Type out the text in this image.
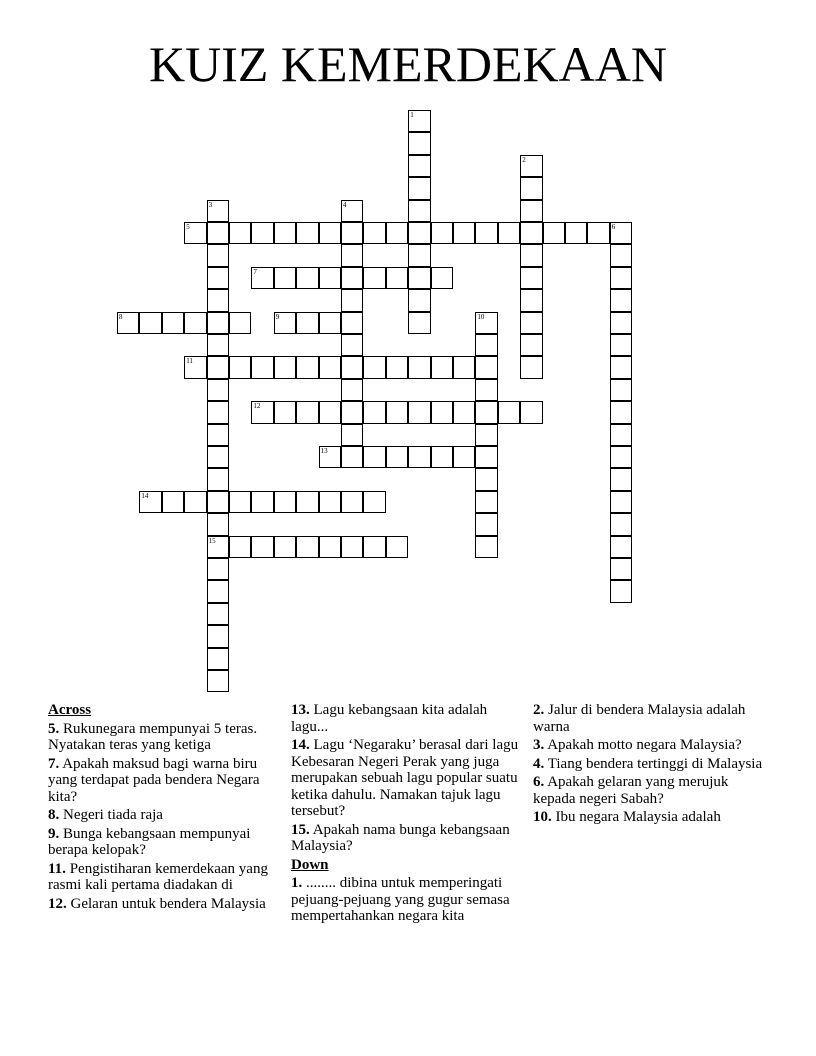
KUIZ KEMERDEKAAN
1
2
3
15
4
5	6
7
8	9	10
11
12
13
14
Across

5. Rukunegara mempunyai 5 teras. Nyatakan teras yang ketiga

7. Apakah maksud bagi warna biru yang terdapat pada bendera Negara kita?

8. Negeri tiada raja

9. Bunga kebangsaan mempunyai berapa kelopak?

11. Pengistiharan kemerdekaan yang rasmi kali pertama diadakan di

12. Gelaran untuk bendera Malaysia

13. Lagu kebangsaan kita adalah lagu...

14. Lagu ‘Negaraku’ berasal dari lagu Kebesaran Negeri Perak yang juga merupakan sebuah lagu popular suatu ketika dahulu. Namakan tajuk lagu tersebut?

15. Apakah nama bunga kebangsaan Malaysia?

Down

1. ........ dibina untuk memperingati pejuang-pejuang yang gugur semasa mempertahankan negara kita

2. Jalur di bendera Malaysia adalah warna

3. Apakah motto negara Malaysia?

4. Tiang bendera tertinggi di Malaysia

6. Apakah gelaran yang merujuk kepada negeri Sabah?

10. Ibu negara Malaysia adalah
